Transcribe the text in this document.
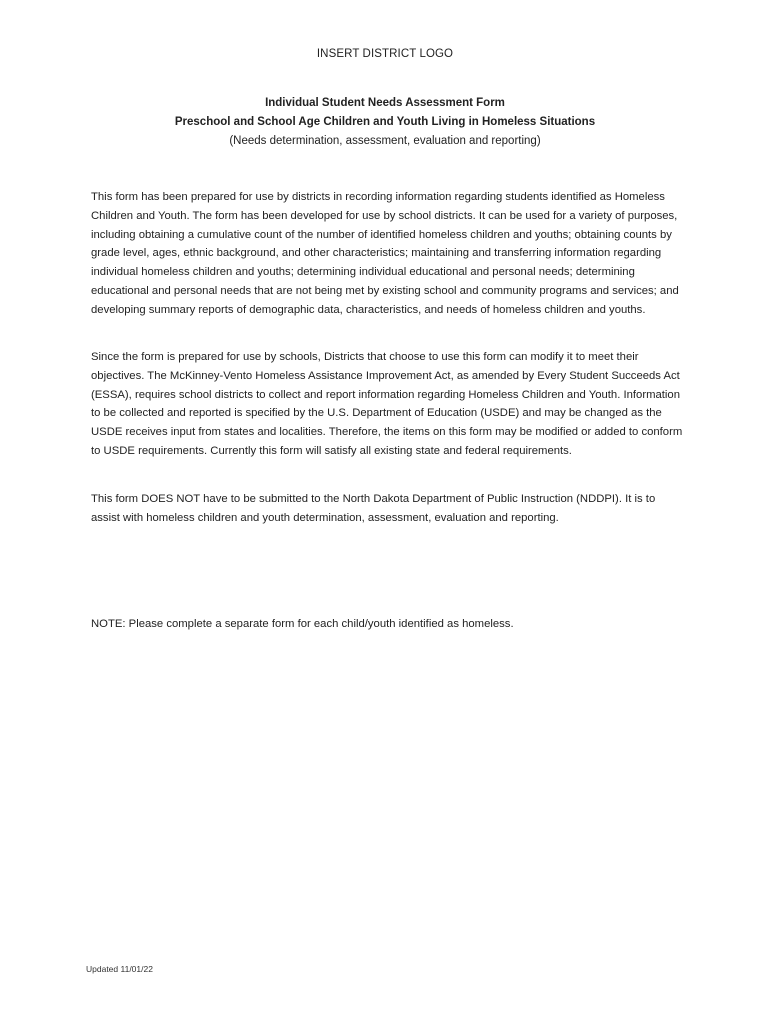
INSERT DISTRICT LOGO
Individual Student Needs Assessment Form
Preschool and School Age Children and Youth Living in Homeless Situations
(Needs determination, assessment, evaluation and reporting)

This form has been prepared for use by districts in recording information regarding students identified as Homeless Children and Youth. The form has been developed for use by school districts. It can be used for a variety of purposes, including obtaining a cumulative count of the number of identified homeless children and youths; obtaining counts by grade level, ages, ethnic background, and other characteristics; maintaining and transferring information regarding individual homeless children and youths; determining individual educational and personal needs; determining educational and personal needs that are not being met by existing school and community programs and services; and developing summary reports of demographic data, characteristics, and needs of homeless children and youths.

Since the form is prepared for use by schools, Districts that choose to use this form can modify it to meet their objectives. The McKinney-Vento Homeless Assistance Improvement Act, as amended by Every Student Succeeds Act (ESSA), requires school districts to collect and report information regarding Homeless Children and Youth. Information to be collected and reported is specified by the U.S. Department of Education (USDE) and may be changed as the USDE receives input from states and localities. Therefore, the items on this form may be modified or added to conform to USDE requirements. Currently this form will satisfy all existing state and federal requirements.

This form DOES NOT have to be submitted to the North Dakota Department of Public Instruction (NDDPI). It is to assist with homeless children and youth determination, assessment, evaluation and reporting.

NOTE: Please complete a separate form for each child/youth identified as homeless.

Updated 11/01/22
